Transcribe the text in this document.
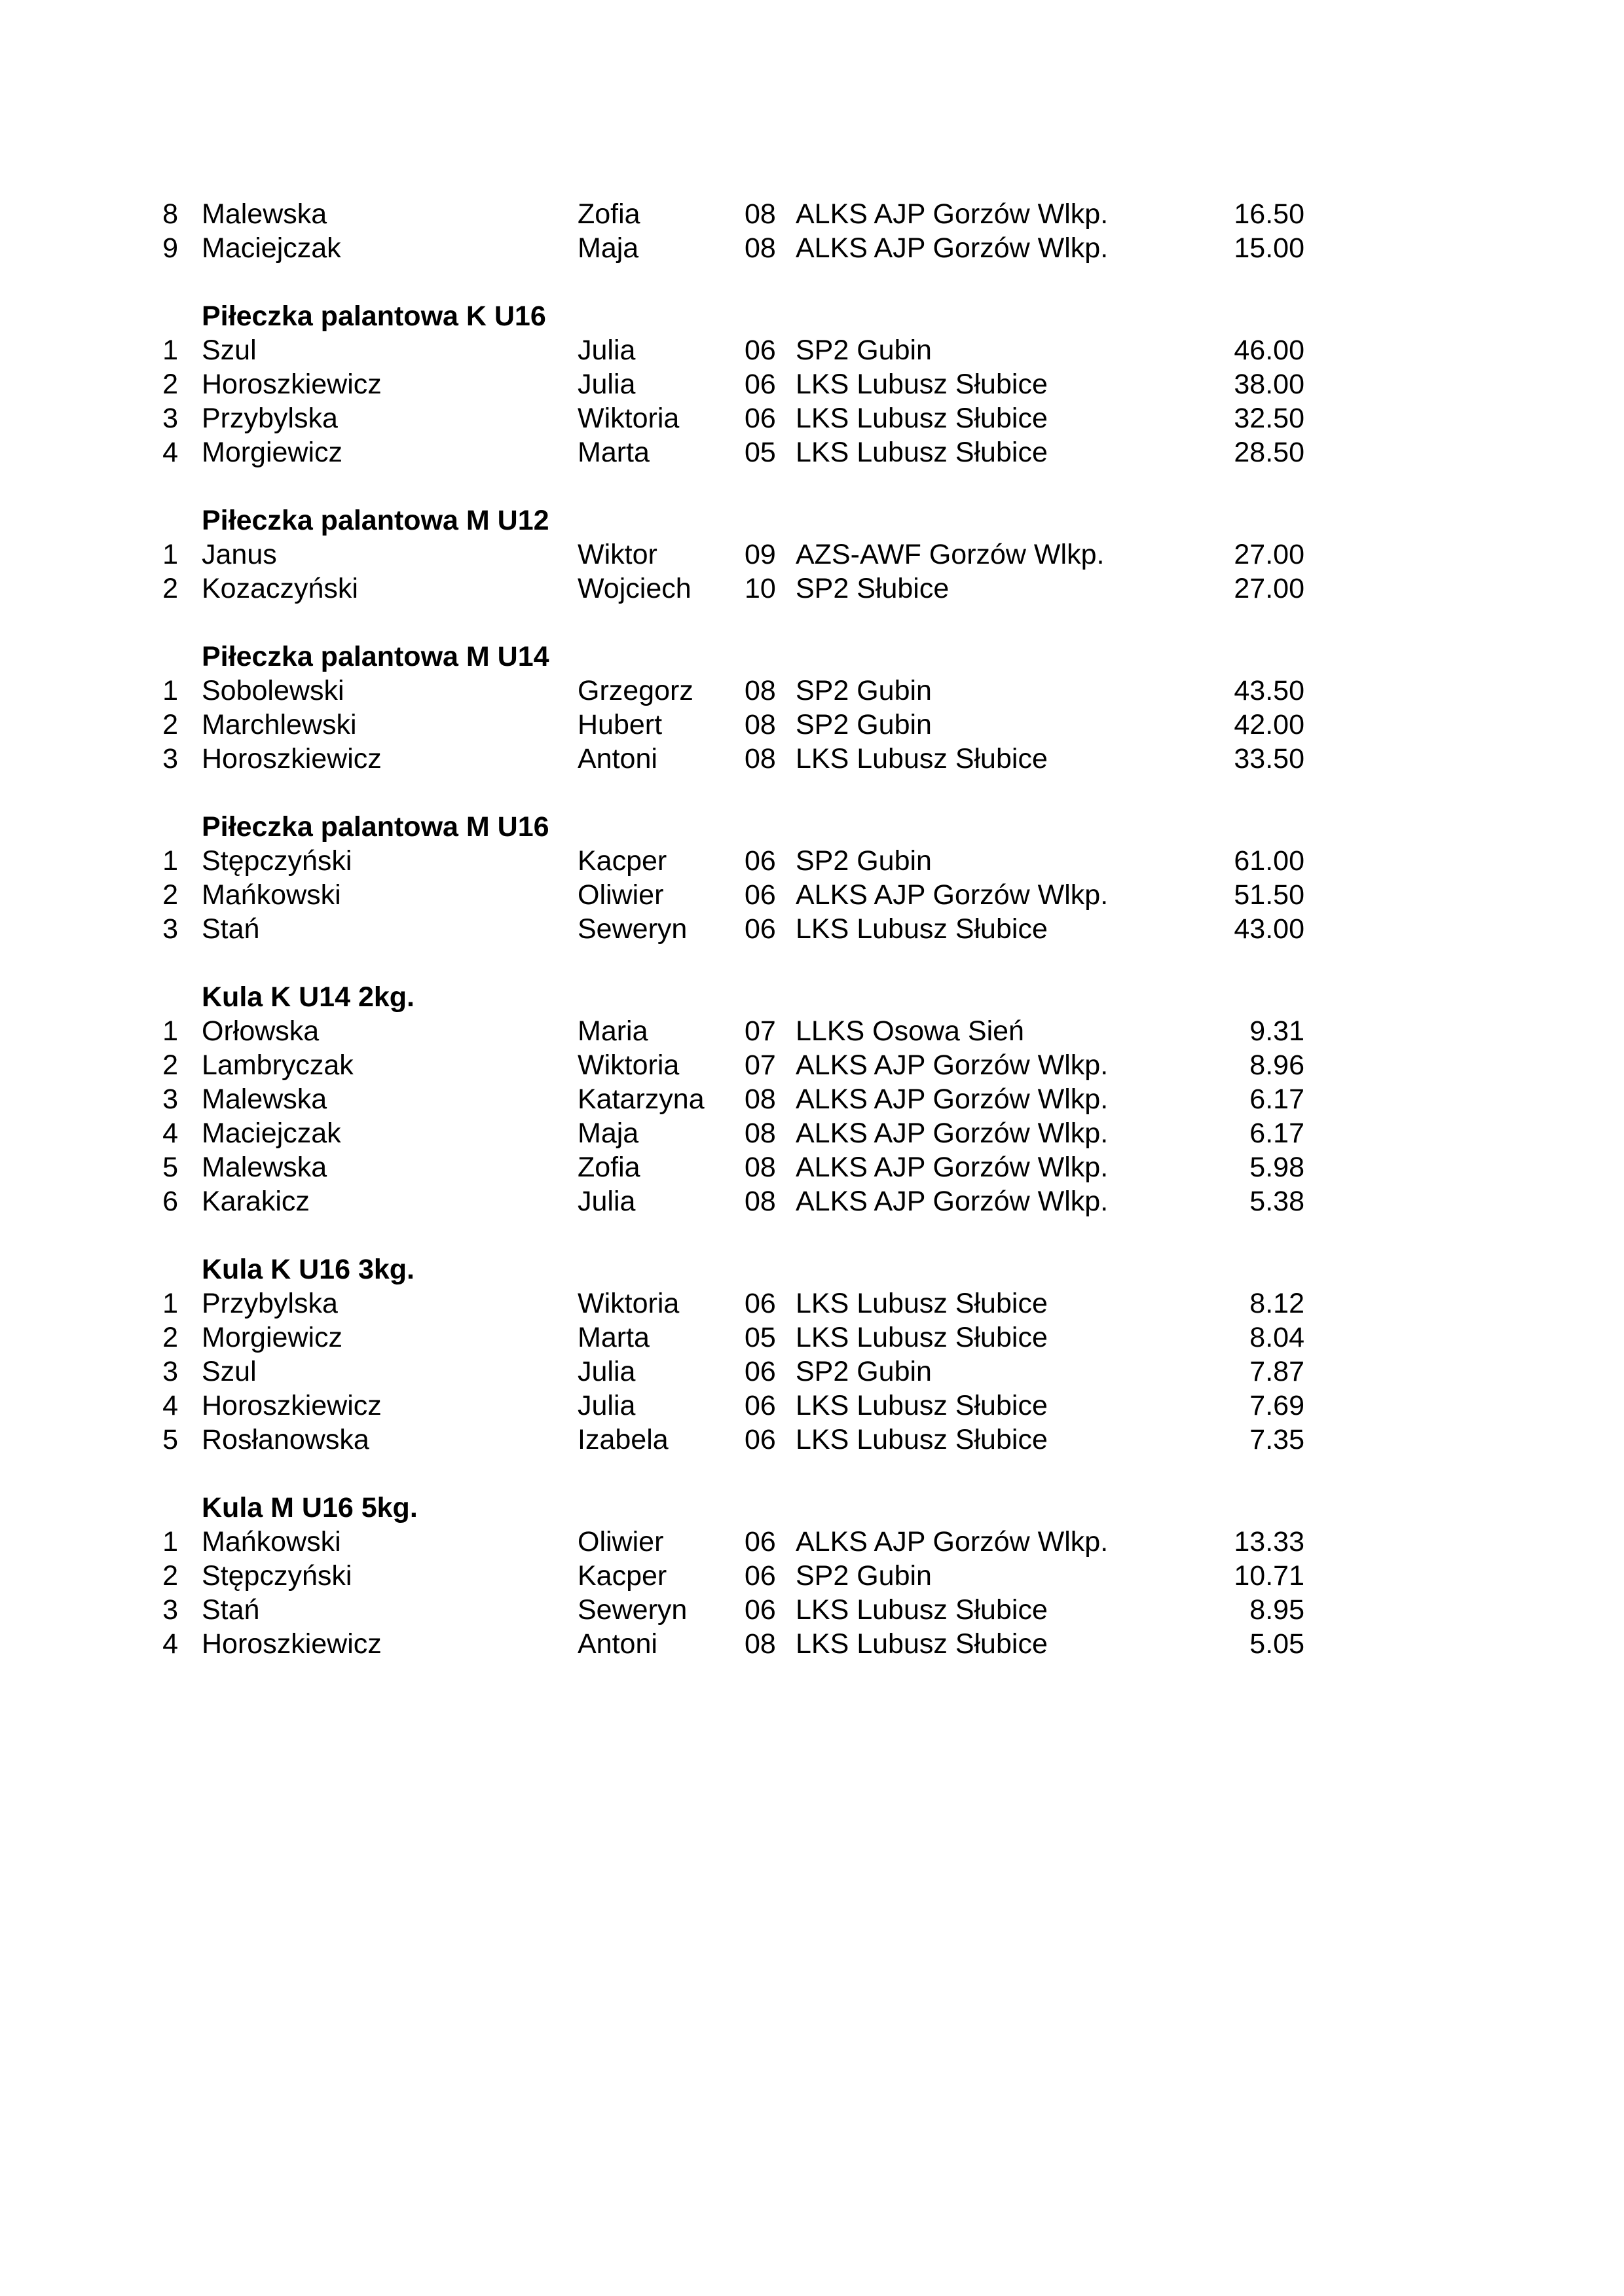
8 Malewska	Zofia	08 ALKS AJP Gorzów Wlkp.	16.50
9 Maciejczak	Maja	08 ALKS AJP Gorzów Wlkp.	15.00
Piłeczka palantowa K U16
1 Szul	Julia	06 SP2 Gubin	46.00
2 Horoszkiewicz	Julia	06 LKS Lubusz Słubice	38.00
3 Przybylska	Wiktoria	06 LKS Lubusz Słubice	32.50
4 Morgiewicz	Marta	05 LKS Lubusz Słubice	28.50
Piłeczka palantowa M U12
1 Janus	Wiktor	09 AZS-AWF Gorzów Wlkp.	27.00
2 Kozaczyński	Wojciech	10 SP2 Słubice	27.00
Piłeczka palantowa M U14
1 Sobolewski	Grzegorz	08 SP2 Gubin	43.50
2 Marchlewski	Hubert	08 SP2 Gubin	42.00
3 Horoszkiewicz	Antoni	08 LKS Lubusz Słubice	33.50
Piłeczka palantowa M U16
1 Stępczyński	Kacper	06 SP2 Gubin	61.00
2 Mańkowski	Oliwier	06 ALKS AJP Gorzów Wlkp.	51.50
3 Stań	Seweryn	06 LKS Lubusz Słubice	43.00
Kula K U14 2kg.
1 Orłowska	Maria	07 LLKS Osowa Sień	9.31
2 Lambryczak	Wiktoria	07 ALKS AJP Gorzów Wlkp.	8.96
3 Malewska	Katarzyna	08 ALKS AJP Gorzów Wlkp.	6.17
4 Maciejczak	Maja	08 ALKS AJP Gorzów Wlkp.	6.17
5 Malewska	Zofia	08 ALKS AJP Gorzów Wlkp.	5.98
6 Karakicz	Julia	08 ALKS AJP Gorzów Wlkp.	5.38
Kula K U16 3kg.
1 Przybylska	Wiktoria	06 LKS Lubusz Słubice	8.12
2 Morgiewicz	Marta	05 LKS Lubusz Słubice	8.04
3 Szul	Julia	06 SP2 Gubin	7.87
4 Horoszkiewicz	Julia	06 LKS Lubusz Słubice	7.69
5 Rosłanowska	Izabela	06 LKS Lubusz Słubice	7.35
Kula M U16 5kg.
1 Mańkowski	Oliwier	06 ALKS AJP Gorzów Wlkp.	13.33
2 Stępczyński	Kacper	06 SP2 Gubin	10.71
3 Stań	Seweryn	06 LKS Lubusz Słubice	8.95
4 Horoszkiewicz	Antoni	08 LKS Lubusz Słubice	5.05
